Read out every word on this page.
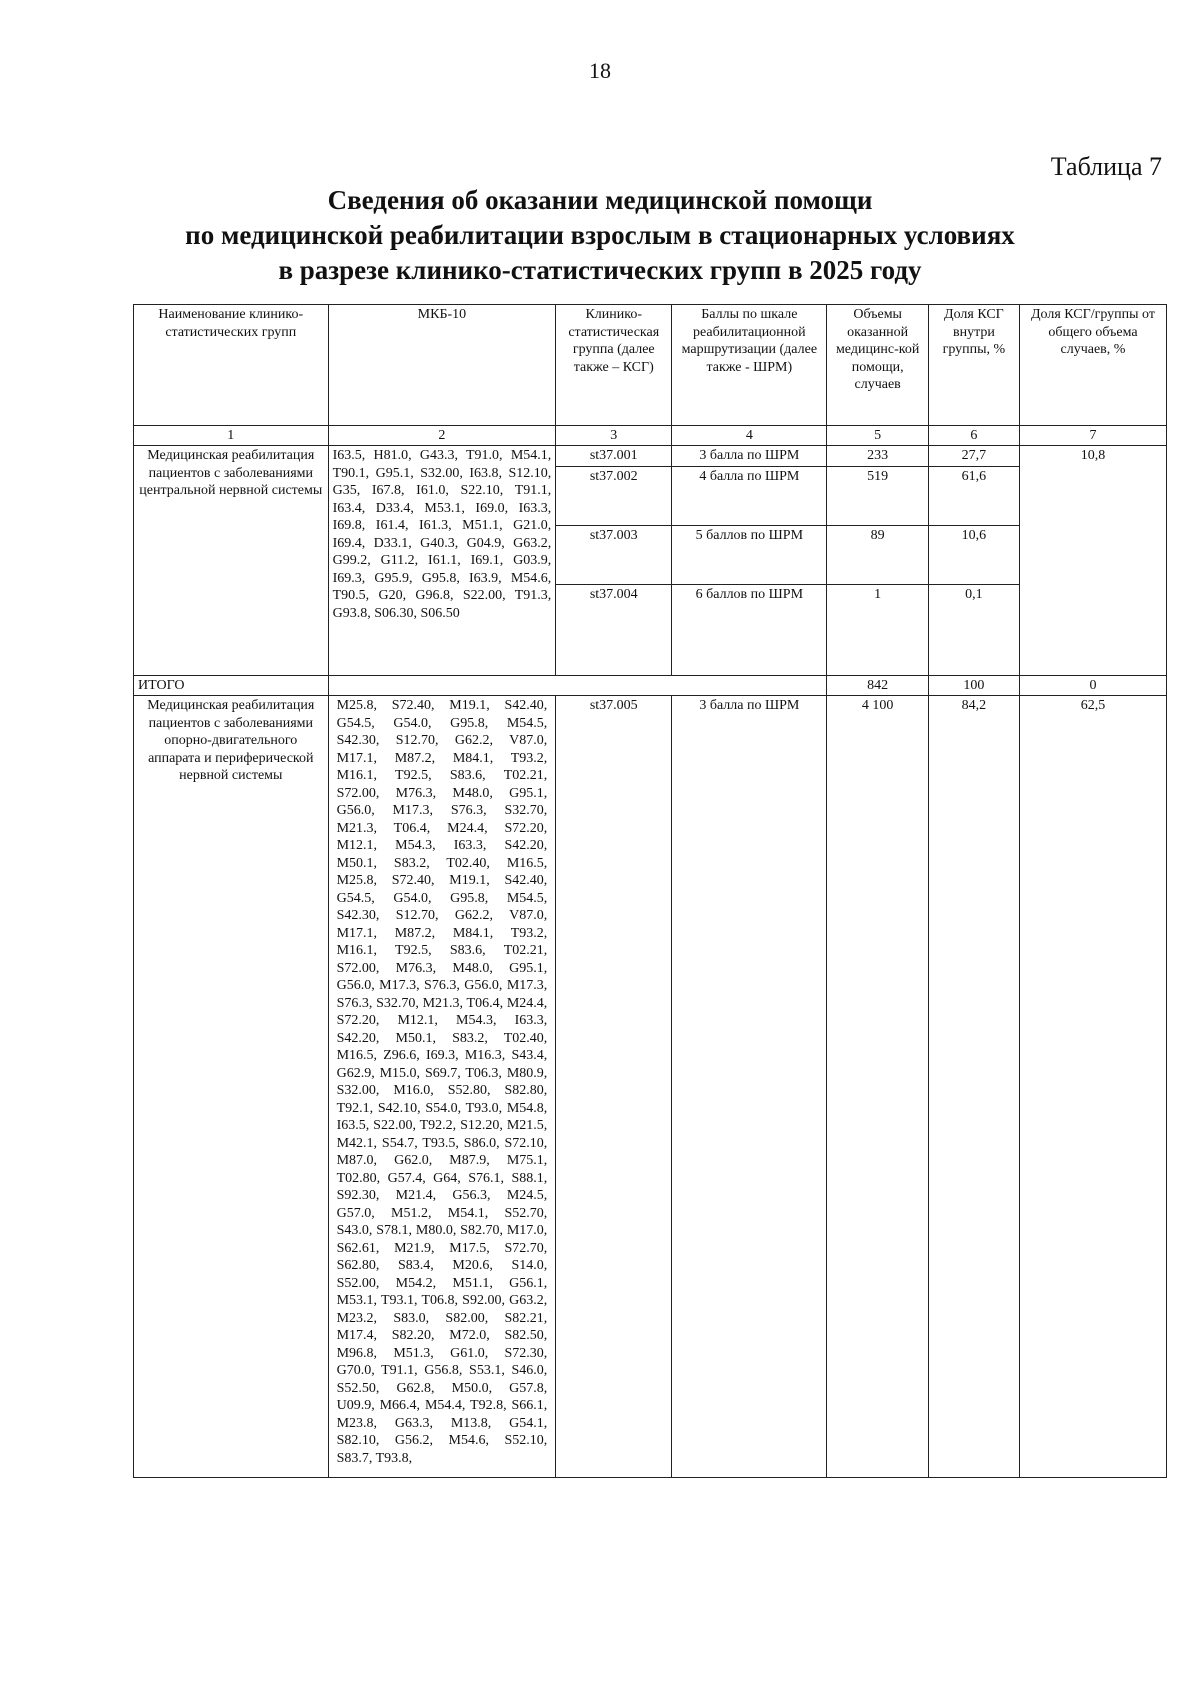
18
Таблица 7
Сведения об оказании медицинской помощи
по медицинской реабилитации взрослым в стационарных условиях
в разрезе клинико-статистических групп в 2025 году
Наименование клинико-статистических групп	МКБ-10	Клинико-статистическая группа (далее также – КСГ)	Баллы по шкале реабилитационной маршрутизации (далее также - ШРМ)	Объемы оказанной медицинс-кой помощи, случаев	Доля КСГ внутри группы, %	Доля КСГ/группы от общего объема случаев, %
1	2	3	4	5	6	7
Медицинская реабилитация пациентов с заболеваниями центральной нервной системы	I63.5, H81.0, G43.3, T91.0, M54.1, T90.1, G95.1, S32.00, I63.8, S12.10, G35, I67.8, I61.0, S22.10, T91.1, I63.4, D33.4, M53.1, I69.0, I63.3, I69.8, I61.4, I61.3, M51.1, G21.0, I69.4, D33.1, G40.3, G04.9, G63.2, G99.2, G11.2, I61.1, I69.1, G03.9, I69.3, G95.9, G95.8, I63.9, M54.6, T90.5, G20, G96.8, S22.00, T91.3, G93.8, S06.30, S06.50	st37.001	3 балла по ШРМ	233	27,7	10,8
		st37.002	4 балла по ШРМ	519	61,6	
		st37.003	5 баллов по ШРМ	89	10,6	
		st37.004	6 баллов по ШРМ	1	0,1	
ИТОГО				842	100	0
Медицинская реабилитация пациентов с заболеваниями опорно-двигательного аппарата и периферической нервной системы	M25.8, S72.40, M19.1, S42.40, G54.5, G54.0, G95.8, M54.5, S42.30, S12.70, G62.2, V87.0, M17.1, M87.2, M84.1, T93.2, M16.1, T92.5, S83.6, T02.21, S72.00, M76.3, M48.0, G95.1, G56.0, M17.3, S76.3, S32.70, M21.3, T06.4, M24.4, S72.20, M12.1, M54.3, I63.3, S42.20, M50.1, S83.2, T02.40, M16.5, M25.8, S72.40, M19.1, S42.40, G54.5, G54.0, G95.8, M54.5, S42.30, S12.70, G62.2, V87.0, M17.1, M87.2, M84.1, T93.2, M16.1, T92.5, S83.6, T02.21, S72.00, M76.3, M48.0, G95.1, G56.0, M17.3, S76.3, G56.0, M17.3, S76.3, S32.70, M21.3, T06.4, M24.4, S72.20, M12.1, M54.3, I63.3, S42.20, M50.1, S83.2, T02.40, M16.5, Z96.6, I69.3, M16.3, S43.4, G62.9, M15.0, S69.7, T06.3, M80.9, S32.00, M16.0, S52.80, S82.80, T92.1, S42.10, S54.0, T93.0, M54.8, I63.5, S22.00, T92.2, S12.20, M21.5, M42.1, S54.7, T93.5, S86.0, S72.10, M87.0, G62.0, M87.9, M75.1, T02.80, G57.4, G64, S76.1, S88.1, S92.30, M21.4, G56.3, M24.5, G57.0, M51.2, M54.1, S52.70, S43.0, S78.1, M80.0, S82.70, M17.0, S62.61, M21.9, M17.5, S72.70, S62.80, S83.4, M20.6, S14.0, S52.00, M54.2, M51.1, G56.1, M53.1, T93.1, T06.8, S92.00, G63.2, M23.2, S83.0, S82.00, S82.21, M17.4, S82.20, M72.0, S82.50, M96.8, M51.3, G61.0, S72.30, G70.0, T91.1, G56.8, S53.1, S46.0, S52.50, G62.8, M50.0, G57.8, U09.9, M66.4, M54.4, T92.8, S66.1, M23.8, G63.3, M13.8, G54.1, S82.10, G56.2, M54.6, S52.10, S83.7, T93.8,	st37.005	3 балла по ШРМ	4 100	84,2	62,5
